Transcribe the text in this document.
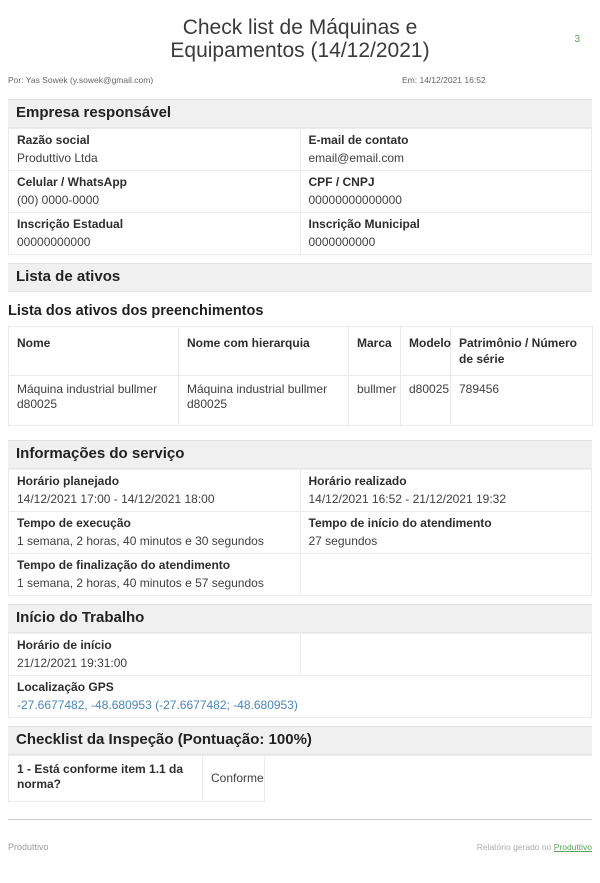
3
Check list de Máquinas e Equipamentos (14/12/2021)
Por: Yas Sowek (y.sowek@gmail.com)	Em: 14/12/2021 16:52
Empresa responsável
Razão social
Produttivo Ltda

E-mail de contato
email@email.com

Celular / WhatsApp
(00) 0000-0000

CPF / CNPJ
00000000000000

Inscrição Estadual
00000000000

Inscrição Municipal
0000000000
Lista de ativos
Lista dos ativos dos preenchimentos
Nome	Nome com hierarquia	Marca	Modelo	Patrimônio / Número de série
Máquina industrial bullmer d80025	Máquina industrial bullmer d80025	bullmer	d80025	789456
Informações do serviço
Horário planejado
14/12/2021 17:00 - 14/12/2021 18:00

Horário realizado
14/12/2021 16:52 - 21/12/2021 19:32

Tempo de execução
1 semana, 2 horas, 40 minutos e 30 segundos

Tempo de início do atendimento
27 segundos

Tempo de finalização do atendimento
1 semana, 2 horas, 40 minutos e 57 segundos	

Início do Trabalho
Horário de início
21/12/2021 19:31:00

Localização GPS
-27.6677482, -48.680953 (-27.6677482; -48.680953)
Checklist da Inspeção (Pontuação: 100%)
1 - Está conforme item 1.1 da norma?	Conforme	
Produttivo	Relatório gerado no Produttivo
